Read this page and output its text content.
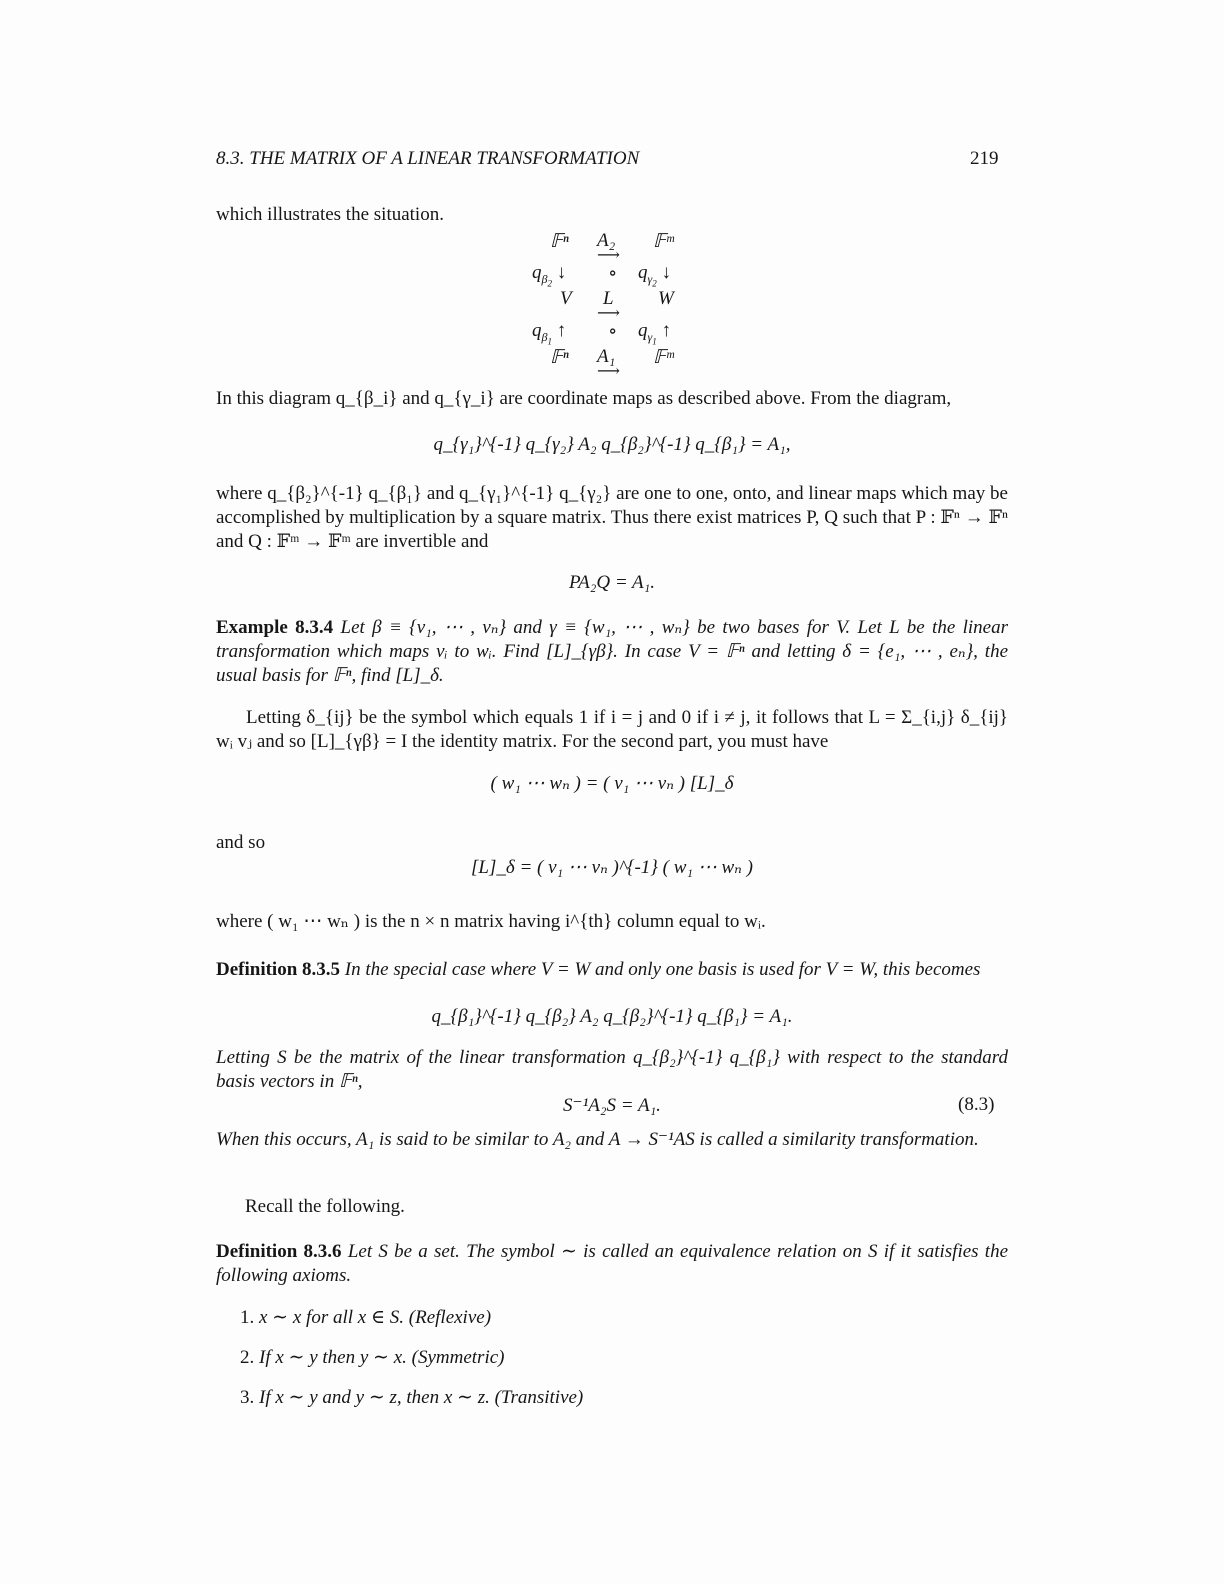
8.3. THE MATRIX OF A LINEAR TRANSFORMATION	219
which illustrates the situation.
𝔽ⁿ A₂
⟶
𝔽ᵐ
$q_{\beta_2}$ ↓ ∘ $q_{\gamma_2}$ ↓
V L
⟶
W
$q_{\beta_1}$ ↑ ∘ $q_{\gamma_1}$ ↑
𝔽ⁿ A₁
⟶
𝔽ᵐ
In this diagram q_{β_i} and q_{γ_i} are coordinate maps as described above. From the diagram,
q_{γ₁}^{-1} q_{γ₂} A₂ q_{β₂}^{-1} q_{β₁} = A₁,
where q_{β₂}^{-1} q_{β₁} and q_{γ₁}^{-1} q_{γ₂} are one to one, onto, and linear maps which may be accomplished by multiplication by a square matrix. Thus there exist matrices P, Q such that P : 𝔽ⁿ → 𝔽ⁿ and Q : 𝔽ᵐ → 𝔽ᵐ are invertible and
PA₂Q = A₁.
Example 8.3.4 Let β ≡ {v₁, ⋯ , vₙ} and γ ≡ {w₁, ⋯ , wₙ} be two bases for V. Let L be the linear transformation which maps vᵢ to wᵢ. Find [L]_{γβ}. In case V = 𝔽ⁿ and letting δ = {e₁, ⋯ , eₙ}, the usual basis for 𝔽ⁿ, find [L]_δ.
Letting δ_{ij} be the symbol which equals 1 if i = j and 0 if i ≠ j, it follows that L = Σ_{i,j} δ_{ij} wᵢ vⱼ and so [L]_{γβ} = I the identity matrix. For the second part, you must have
( w₁ ⋯ wₙ ) = ( v₁ ⋯ vₙ ) [L]_δ
and so
[L]_δ = ( v₁ ⋯ vₙ )^{-1} ( w₁ ⋯ wₙ )
where ( w₁ ⋯ wₙ ) is the n × n matrix having i^{th} column equal to wᵢ.
Definition 8.3.5 In the special case where V = W and only one basis is used for V = W, this becomes
q_{β₁}^{-1} q_{β₂} A₂ q_{β₂}^{-1} q_{β₁} = A₁.
Letting S be the matrix of the linear transformation q_{β₂}^{-1} q_{β₁} with respect to the standard basis vectors in 𝔽ⁿ,
S⁻¹A₂S = A₁.	(8.3)
When this occurs, A₁ is said to be similar to A₂ and A → S⁻¹AS is called a similarity transformation.
Recall the following.
Definition 8.3.6 Let S be a set. The symbol ∼ is called an equivalence relation on S if it satisfies the following axioms.
1. x ∼ x for all x ∈ S. (Reflexive)
2. If x ∼ y then y ∼ x. (Symmetric)
3. If x ∼ y and y ∼ z, then x ∼ z. (Transitive)
